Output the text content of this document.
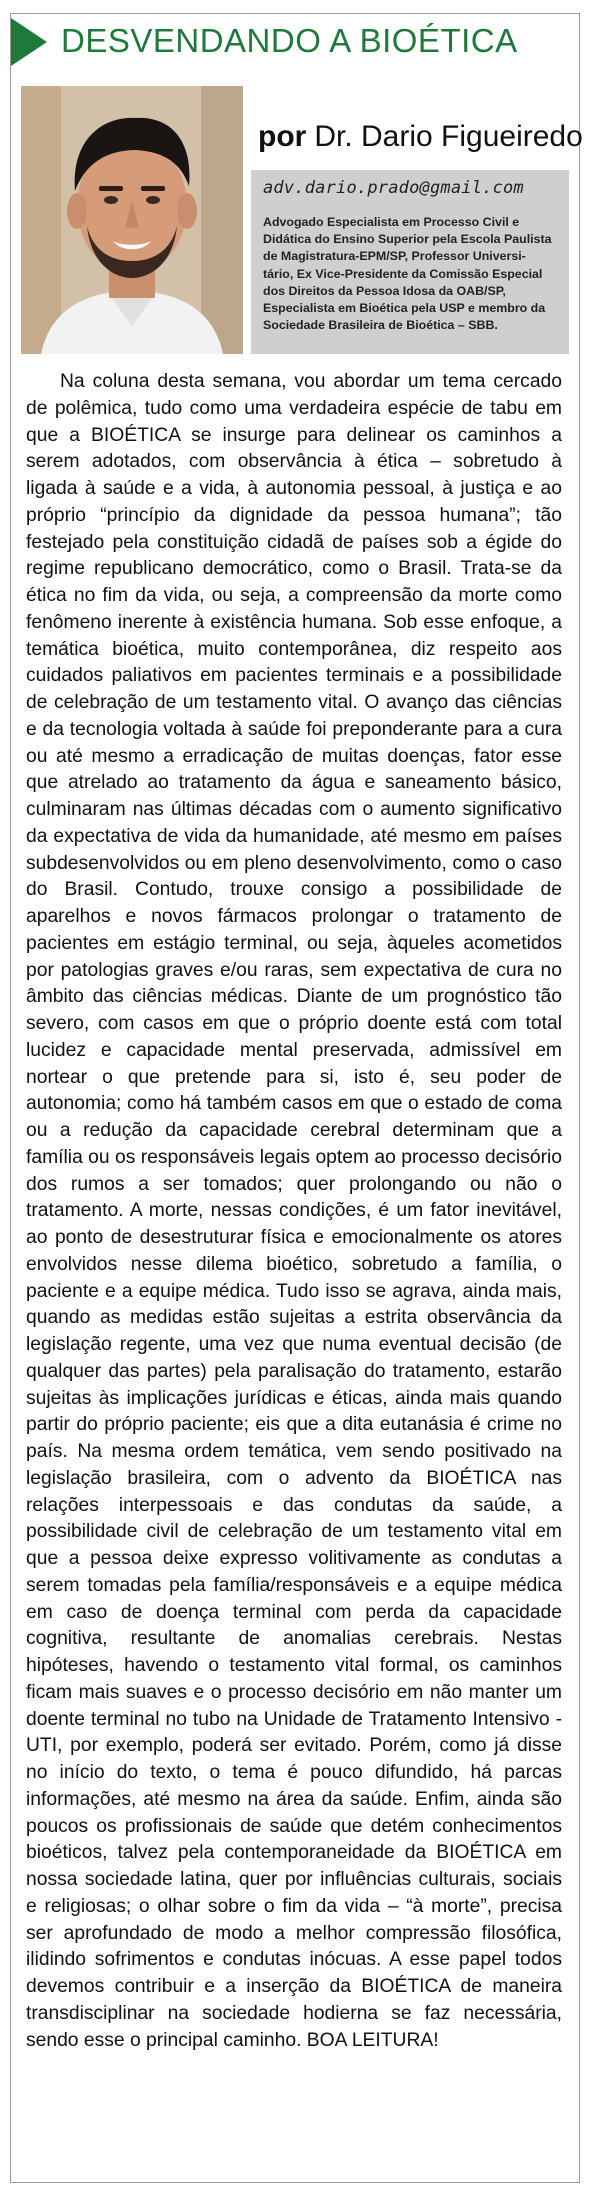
DESVENDANDO A BIOÉTICA
por Dr. Dario Figueiredo
adv.dario.prado@gmail.com
Advogado Especialista em Processo Civil e
Didática do Ensino Superior pela Escola Paulista
de Magistratura-EPM/SP, Professor Universi-
tário, Ex Vice-Presidente da Comissão Especial
dos Direitos da Pessoa Idosa da OAB/SP,
Especialista em Bioética pela USP e membro da
Sociedade Brasileira de Bioética – SBB.

Na coluna desta semana, vou abordar um tema cercado de polêmica, tudo como uma verdadeira espécie de tabu em que a BIOÉTICA se insurge para delinear os caminhos a serem adotados, com observância à ética – sobretudo à ligada à saúde e a vida, à autonomia pessoal, à justiça e ao próprio “princípio da dignidade da pessoa humana”; tão festejado pela constituição cidadã de países sob a égide do regime republicano democrático, como o Brasil. Trata-se da ética no fim da vida, ou seja, a compreensão da morte como fenômeno inerente à existência humana. Sob esse enfoque, a temática bioética, muito contemporânea, diz respeito aos cuidados paliativos em pacientes terminais e a possibilidade de celebração de um testamento vital. O avanço das ciências e da tecnologia voltada à saúde foi preponderante para a cura ou até mesmo a erradicação de muitas doenças, fator esse que atrelado ao tratamento da água e saneamento básico, culminaram nas últimas décadas com o aumento significativo da expectativa de vida da humanidade, até mesmo em países subdesenvolvidos ou em pleno desenvolvimento, como o caso do Brasil. Contudo, trouxe consigo a possibilidade de aparelhos e novos fármacos prolongar o tratamento de pacientes em estágio terminal, ou seja, àqueles acometidos por patologias graves e/ou raras, sem expectativa de cura no âmbito das ciências médicas. Diante de um prognóstico tão severo, com casos em que o próprio doente está com total lucidez e capacidade mental preservada, admissível em nortear o que pretende para si, isto é, seu poder de autonomia; como há também casos em que o estado de coma ou a redução da capacidade cerebral determinam que a família ou os responsáveis legais optem ao processo decisório dos rumos a ser tomados; quer prolongando ou não o tratamento. A morte, nessas condições, é um fator inevitável, ao ponto de desestruturar física e emocionalmente os atores envolvidos nesse dilema bioético, sobretudo a família, o paciente e a equipe médica. Tudo isso se agrava, ainda mais, quando as medidas estão sujeitas a estrita observância da legislação regente, uma vez que numa eventual decisão (de qualquer das partes) pela paralisação do tratamento, estarão sujeitas às implicações jurídicas e éticas, ainda mais quando partir do próprio paciente; eis que a dita eutanásia é crime no país. Na mesma ordem temática, vem sendo positivado na legislação brasileira, com o advento da BIOÉTICA nas relações interpessoais e das condutas da saúde, a possibilidade civil de celebração de um testamento vital em que a pessoa deixe expresso volitivamente as condutas a serem tomadas pela família/responsáveis e a equipe médica em caso de doença terminal com perda da capacidade cognitiva, resultante de anomalias cerebrais. Nestas hipóteses, havendo o testamento vital formal, os caminhos ficam mais suaves e o processo decisório em não manter um doente terminal no tubo na Unidade de Tratamento Intensivo - UTI, por exemplo, poderá ser evitado. Porém, como já disse no início do texto, o tema é pouco difundido, há parcas informações, até mesmo na área da saúde. Enfim, ainda são poucos os profissionais de saúde que detém conhecimentos bioéticos, talvez pela contemporaneidade da BIOÉTICA em nossa sociedade latina, quer por influências culturais, sociais e religiosas; o olhar sobre o fim da vida – “à morte”, precisa ser aprofundado de modo a melhor compressão filosófica, ilidindo sofrimentos e condutas inócuas. A esse papel todos devemos contribuir e a inserção da BIOÉTICA de maneira transdisciplinar na sociedade hodierna se faz necessária, sendo esse o principal caminho. BOA LEITURA!
